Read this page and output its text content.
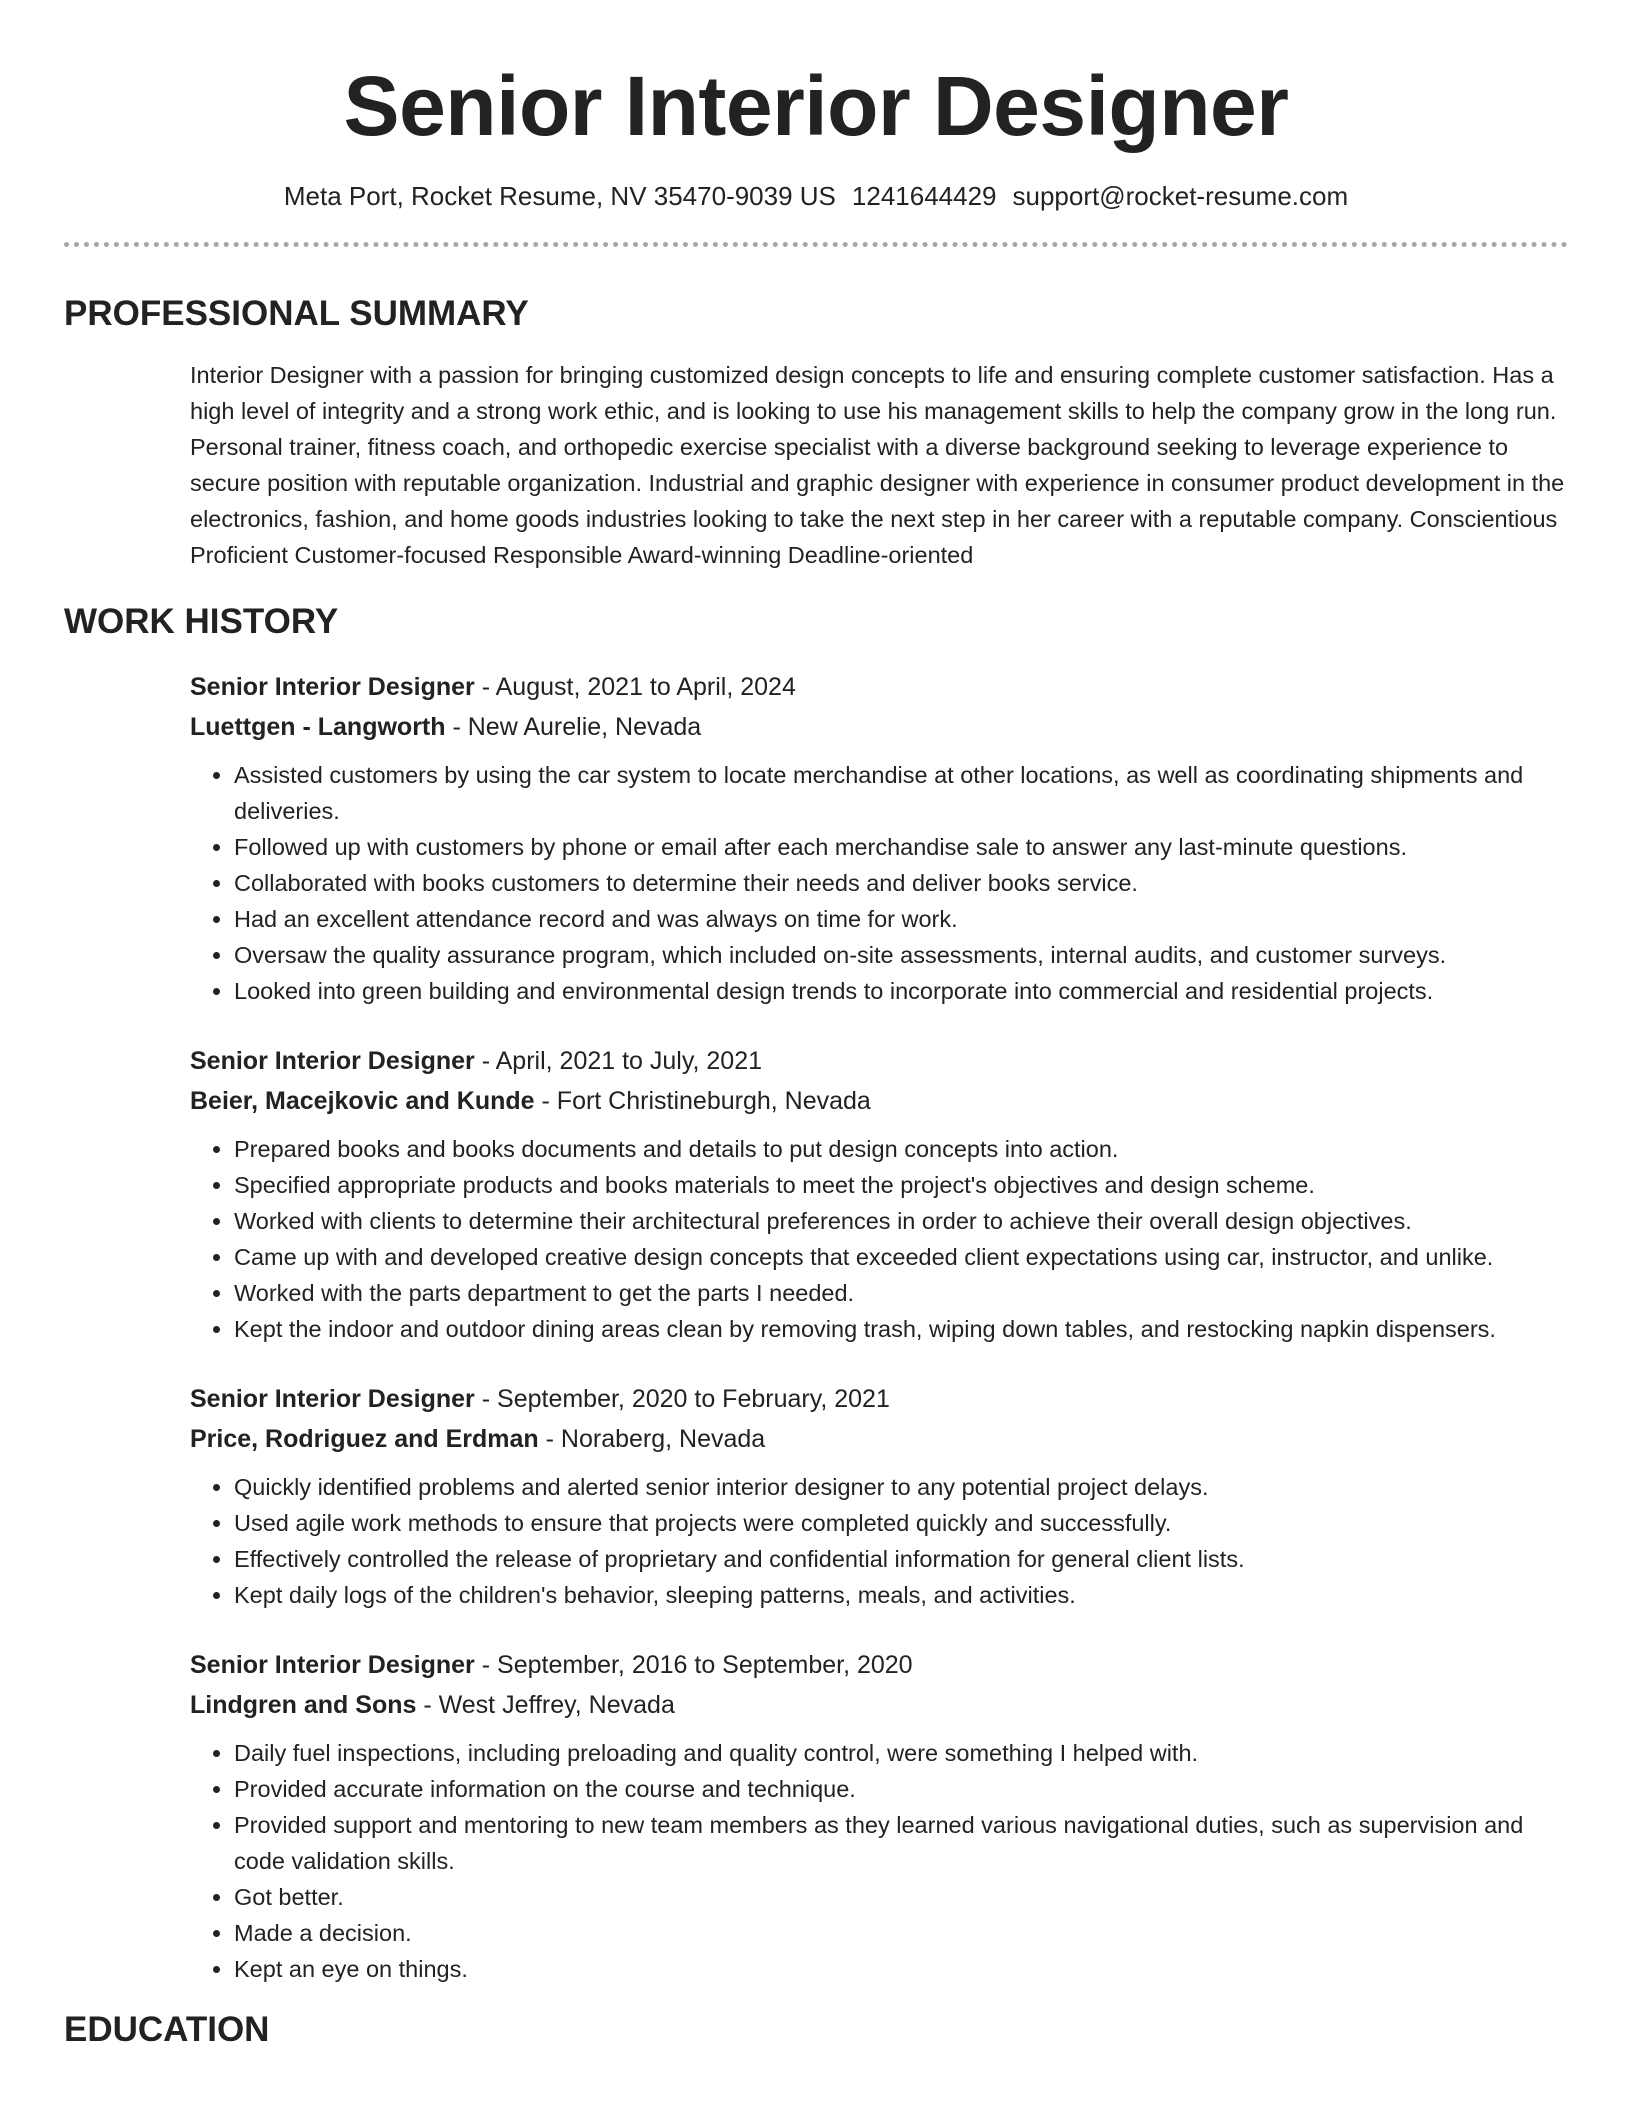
Senior Interior Designer
Meta Port, Rocket Resume, NV 35470-9039 US 1241644429 support@rocket-resume.com
PROFESSIONAL SUMMARY
Interior Designer with a passion for bringing customized design concepts to life and ensuring complete customer satisfaction. Has a high level of integrity and a strong work ethic, and is looking to use his management skills to help the company grow in the long run. Personal trainer, fitness coach, and orthopedic exercise specialist with a diverse background seeking to leverage experience to secure position with reputable organization. Industrial and graphic designer with experience in consumer product development in the electronics, fashion, and home goods industries looking to take the next step in her career with a reputable company. Conscientious Proficient Customer-focused Responsible Award-winning Deadline-oriented
WORK HISTORY
Senior Interior Designer - August, 2021 to April, 2024
Luettgen - Langworth - New Aurelie, Nevada
• Assisted customers by using the car system to locate merchandise at other locations, as well as coordinating shipments and deliveries.
• Followed up with customers by phone or email after each merchandise sale to answer any last-minute questions.
• Collaborated with books customers to determine their needs and deliver books service.
• Had an excellent attendance record and was always on time for work.
• Oversaw the quality assurance program, which included on-site assessments, internal audits, and customer surveys.
• Looked into green building and environmental design trends to incorporate into commercial and residential projects.
Senior Interior Designer - April, 2021 to July, 2021
Beier, Macejkovic and Kunde - Fort Christineburgh, Nevada
• Prepared books and books documents and details to put design concepts into action.
• Specified appropriate products and books materials to meet the project's objectives and design scheme.
• Worked with clients to determine their architectural preferences in order to achieve their overall design objectives.
• Came up with and developed creative design concepts that exceeded client expectations using car, instructor, and unlike.
• Worked with the parts department to get the parts I needed.
• Kept the indoor and outdoor dining areas clean by removing trash, wiping down tables, and restocking napkin dispensers.
Senior Interior Designer - September, 2020 to February, 2021
Price, Rodriguez and Erdman - Noraberg, Nevada
• Quickly identified problems and alerted senior interior designer to any potential project delays.
• Used agile work methods to ensure that projects were completed quickly and successfully.
• Effectively controlled the release of proprietary and confidential information for general client lists.
• Kept daily logs of the children's behavior, sleeping patterns, meals, and activities.
Senior Interior Designer - September, 2016 to September, 2020
Lindgren and Sons - West Jeffrey, Nevada
• Daily fuel inspections, including preloading and quality control, were something I helped with.
• Provided accurate information on the course and technique.
• Provided support and mentoring to new team members as they learned various navigational duties, such as supervision and code validation skills.
• Got better.
• Made a decision.
• Kept an eye on things.
EDUCATION
